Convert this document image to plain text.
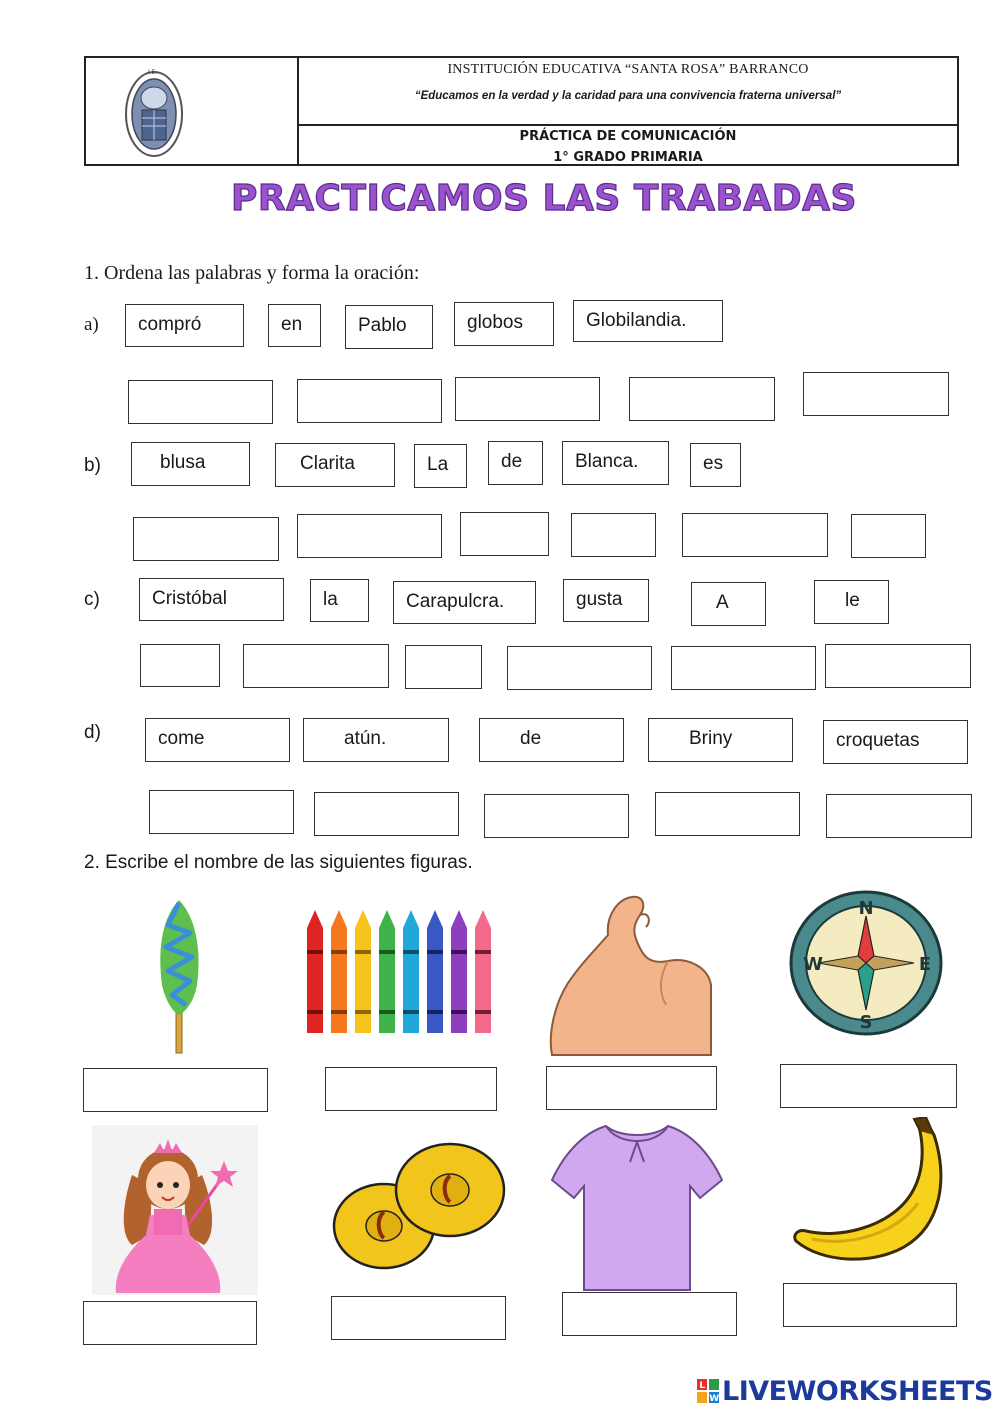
I.E.	INSTITUCIÓN EDUCATIVA “SANTA ROSA” BARRANCO
“Educamos en la verdad y la caridad para una convivencia fraterna universal”
PRÁCTICA DE COMUNICACIÓN
1° GRADO PRIMARIA
PRACTICAMOS LAS TRABADAS
1. Ordena las palabras y forma la oración:
a)	compró	en	Pablo	globos	Globilandia.
b)	blusa	Clarita	La	de	Blanca.	es
c)	Cristóbal	la	Carapulcra.	gusta	A	le
d)	come	atún.	de	Briny	croquetas
2. Escribe el nombre de las siguientes figuras.
N
S
W	E
L
W LIVEWORKSHEETS
